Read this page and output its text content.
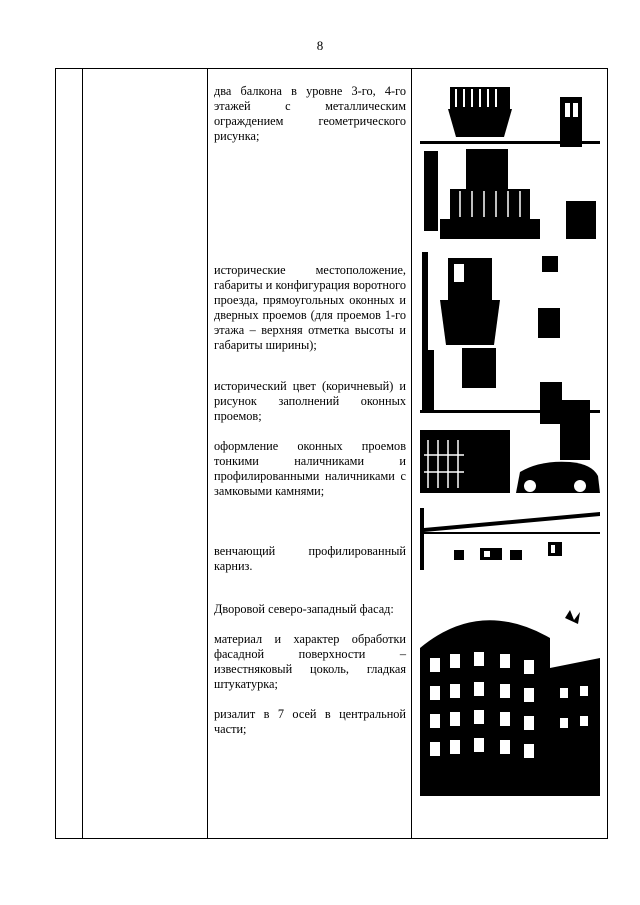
8

два балкона в уровне 3-го, 4-го этажей с металлическим ограждением геометрического рисунка;

исторические местоположение, габариты и конфигурация воротного проезда, прямоугольных оконных и дверных проемов (для проемов 1-го этажа – верхняя отметка высоты и габариты ширины);

исторический цвет (коричневый) и рисунок заполнений оконных проемов;

оформление оконных проемов тонкими наличниками и профилированными наличниками с замковыми камнями;

венчающий профилированный карниз.

Дворовой северо-западный фасад:

материал и характер обработки фасадной поверхности – известняковый цоколь, гладкая штукатурка;

ризалит в 7 осей в центральной части;
